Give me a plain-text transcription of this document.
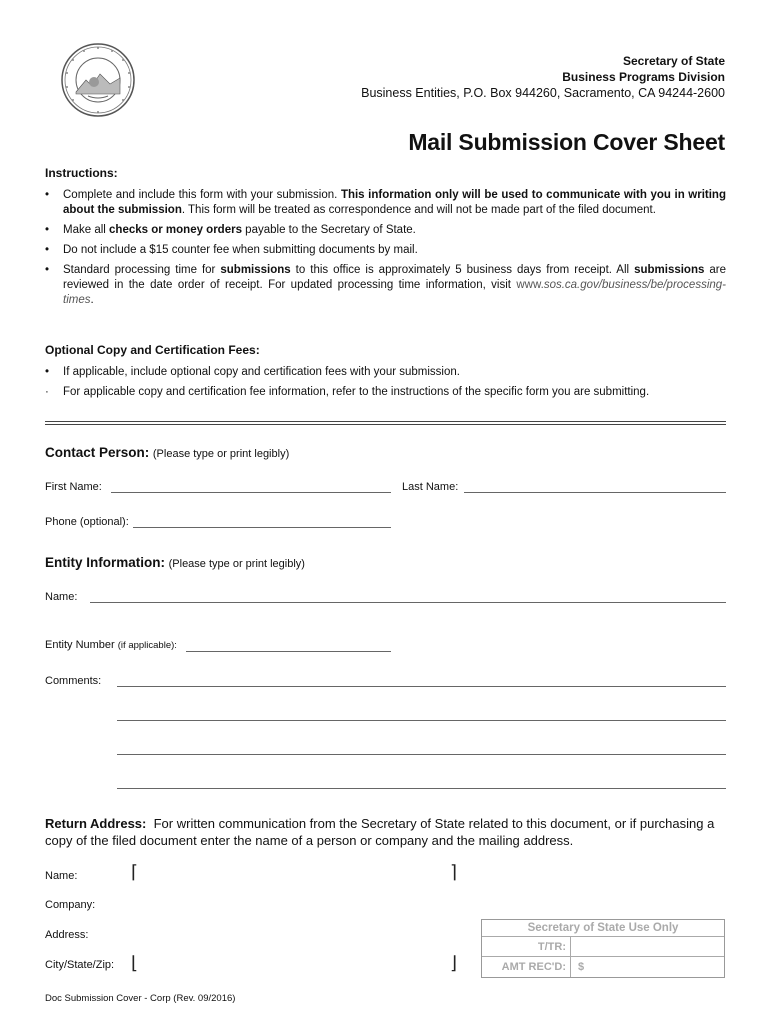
Secretary of State
Business Programs Division
Business Entities, P.O. Box 944260, Sacramento, CA 94244-2600
Mail Submission Cover Sheet
Instructions:
• Complete and include this form with your submission. This information only will be used to communicate with you in writing about the submission. This form will be treated as correspondence and will not be made part of the filed document.
• Make all checks or money orders payable to the Secretary of State.
• Do not include a $15 counter fee when submitting documents by mail.
• Standard processing time for submissions to this office is approximately 5 business days from receipt. All submissions are reviewed in the date order of receipt. For updated processing time information, visit www.sos.ca.gov/business/be/processing-times.
Optional Copy and Certification Fees:
• If applicable, include optional copy and certification fees with your submission.
· For applicable copy and certification fee information, refer to the instructions of the specific form you are submitting.
Contact Person: (Please type or print legibly)
First Name:	Last Name:
Phone (optional):
Entity Information: (Please type or print legibly)
Name:
Entity Number (if applicable):
Comments:
Return Address: For written communication from the Secretary of State related to this document, or if purchasing a copy of the filed document enter the name of a person or company and the mailing address.
Name:
Company:
Address:
City/State/Zip:
⌈	⌉
⌊	⌋
Secretary of State Use Only
T/TR:
AMT REC'D:	$
Doc Submission Cover - Corp (Rev. 09/2016)
